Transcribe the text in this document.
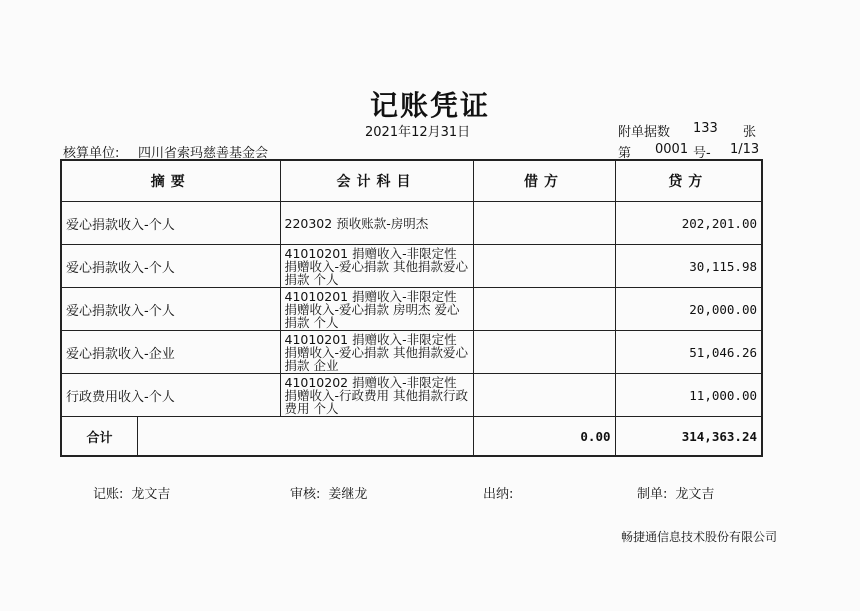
记账凭证
2021年12月31日	附单据数 133 张
核算单位: 四川省索玛慈善基金会	第 0001 号- 1/13
摘要	会计科目	借方	贷方
爱心捐款收入-个人	220302 预收账款-房明杰		202,201.00
爱心捐款收入-个人	41010201 捐赠收入-非限定性捐赠收入-爱心捐款 其他捐款爱心捐款 个人		30,115.98
爱心捐款收入-个人	41010201 捐赠收入-非限定性捐赠收入-爱心捐款 房明杰 爱心捐款 个人		20,000.00
爱心捐款收入-企业	41010201 捐赠收入-非限定性捐赠收入-爱心捐款 其他捐款爱心捐款 企业		51,046.26
行政费用收入-个人	41010202 捐赠收入-非限定性捐赠收入-行政费用 其他捐款行政费用 个人		11,000.00

合计		0.00	314,363.24
记账: 龙文吉	审核: 姜继龙	出纳:	制单: 龙文吉
畅捷通信息技术股份有限公司
